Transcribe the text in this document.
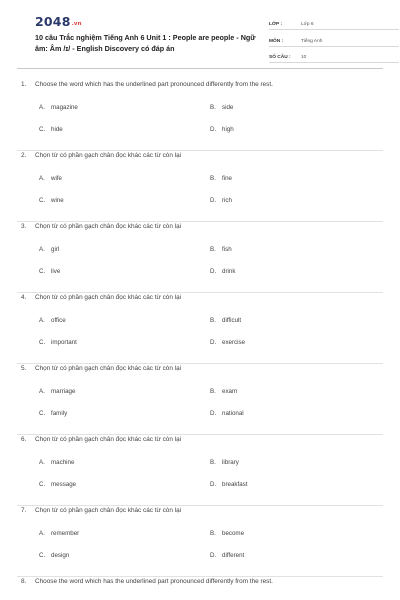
2048.vn
10 câu Trắc nghiệm Tiếng Anh 6 Unit 1 : People are people - Ngữ âm: Âm /ɪ/ - English Discovery có đáp án
LỚP :	Lớp 6
MÔN :	Tiếng Anh
SỐ CÂU :	10
1.	Choose the word which has the underlined part pronounced differently from the rest.
A. magazine	B. side
C. hide	D. high
2.	Chọn từ có phần gạch chân đọc khác các từ còn lại
A. wife	B. fine
C. wine	D. rich
3.	Chọn từ có phần gạch chân đọc khác các từ còn lại
A. girl	B. fish
C. live	D. drink
4.	Chọn từ có phần gạch chân đọc khác các từ còn lại
A. office	B. difficult
C. important	D. exercise
5.	Chọn từ có phần gạch chân đọc khác các từ còn lại
A. marriage	B. exam
C. family	D. national
6.	Chọn từ có phần gạch chân đọc khác các từ còn lại
A. machine	B. library
C. message	D. breakfast
7.	Chọn từ có phần gạch chân đọc khác các từ còn lại
A. remember	B. become
C. design	D. different
8.	Choose the word which has the underlined part pronounced differently from the rest.
